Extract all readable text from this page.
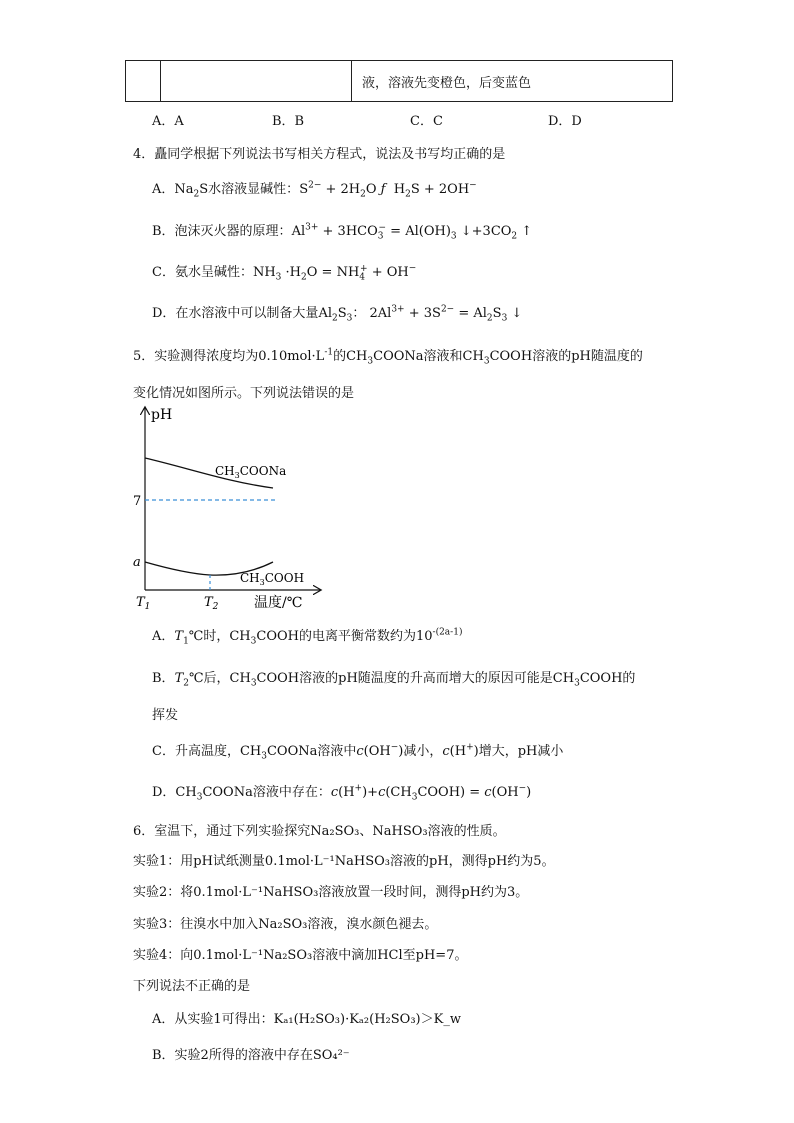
		液，溶液先变橙色，后变蓝色
A．A	B．B	C．C	D．D
4．矗同学根据下列说法书写相关方程式，说法及书写均正确的是
A．$Na_2S$水溶液显碱性：$S^{2-} + 2H_2O$ ƒ  $H_2S + 2OH^-$
B．泡沫灭火器的原理：$Al^{3+} + 3HCO_3^- = Al(OH)_3$ $↓+3CO_2$ ↑
C．氨水呈碱性：$NH_3 \cdot H_2O = NH_4^+ + OH^-$
D．在水溶液中可以制备大量$Al_2S_3$： $2Al^{3+} + 3S^{2-} = Al_2S_3$ ↓
5．实验测得浓度均为$0.10mol\cdot L^{-1}$的$CH_3COONa$溶液和$CH_3COOH$溶液的pH随温度的
变化情况如图所示。下列说法错误的是
pH
7
a
$CH_3COONa$
$CH_3COOH$
$T_1$	$T_2$	温度/℃
A．$T_1℃$时，$CH_3COOH$的电离平衡常数约为$10^{-(2a-1)}$
B．$T_2℃$后，$CH_3COOH$溶液的pH随温度的升高而增大的原因可能是$CH_3COOH$的
挥发
C．升高温度，$CH_3COONa$溶液中c(OH−)减小，c(H+)增大，pH减小
D．$CH_3COONa$溶液中存在：$c(H^+)+c(CH_3COOH) = c(OH^-)$
6．室温下，通过下列实验探究Na₂SO₃、NaHSO₃溶液的性质。
实验1：用pH试纸测量0.1mol·L⁻¹NaHSO₃溶液的pH，测得pH约为5。
实验2：将0.1mol·L⁻¹NaHSO₃溶液放置一段时间，测得pH约为3。
实验3：往溴水中加入Na₂SO₃溶液，溴水颜色褪去。
实验4：向0.1mol·L⁻¹Na₂SO₃溶液中滴加HCl至pH=7。
下列说法不正确的是
A．从实验1可得出：Kₐ₁(H₂SO₃)·Kₐ₂(H₂SO₃)＞K_w
B．实验2所得的溶液中存在SO₄²⁻
